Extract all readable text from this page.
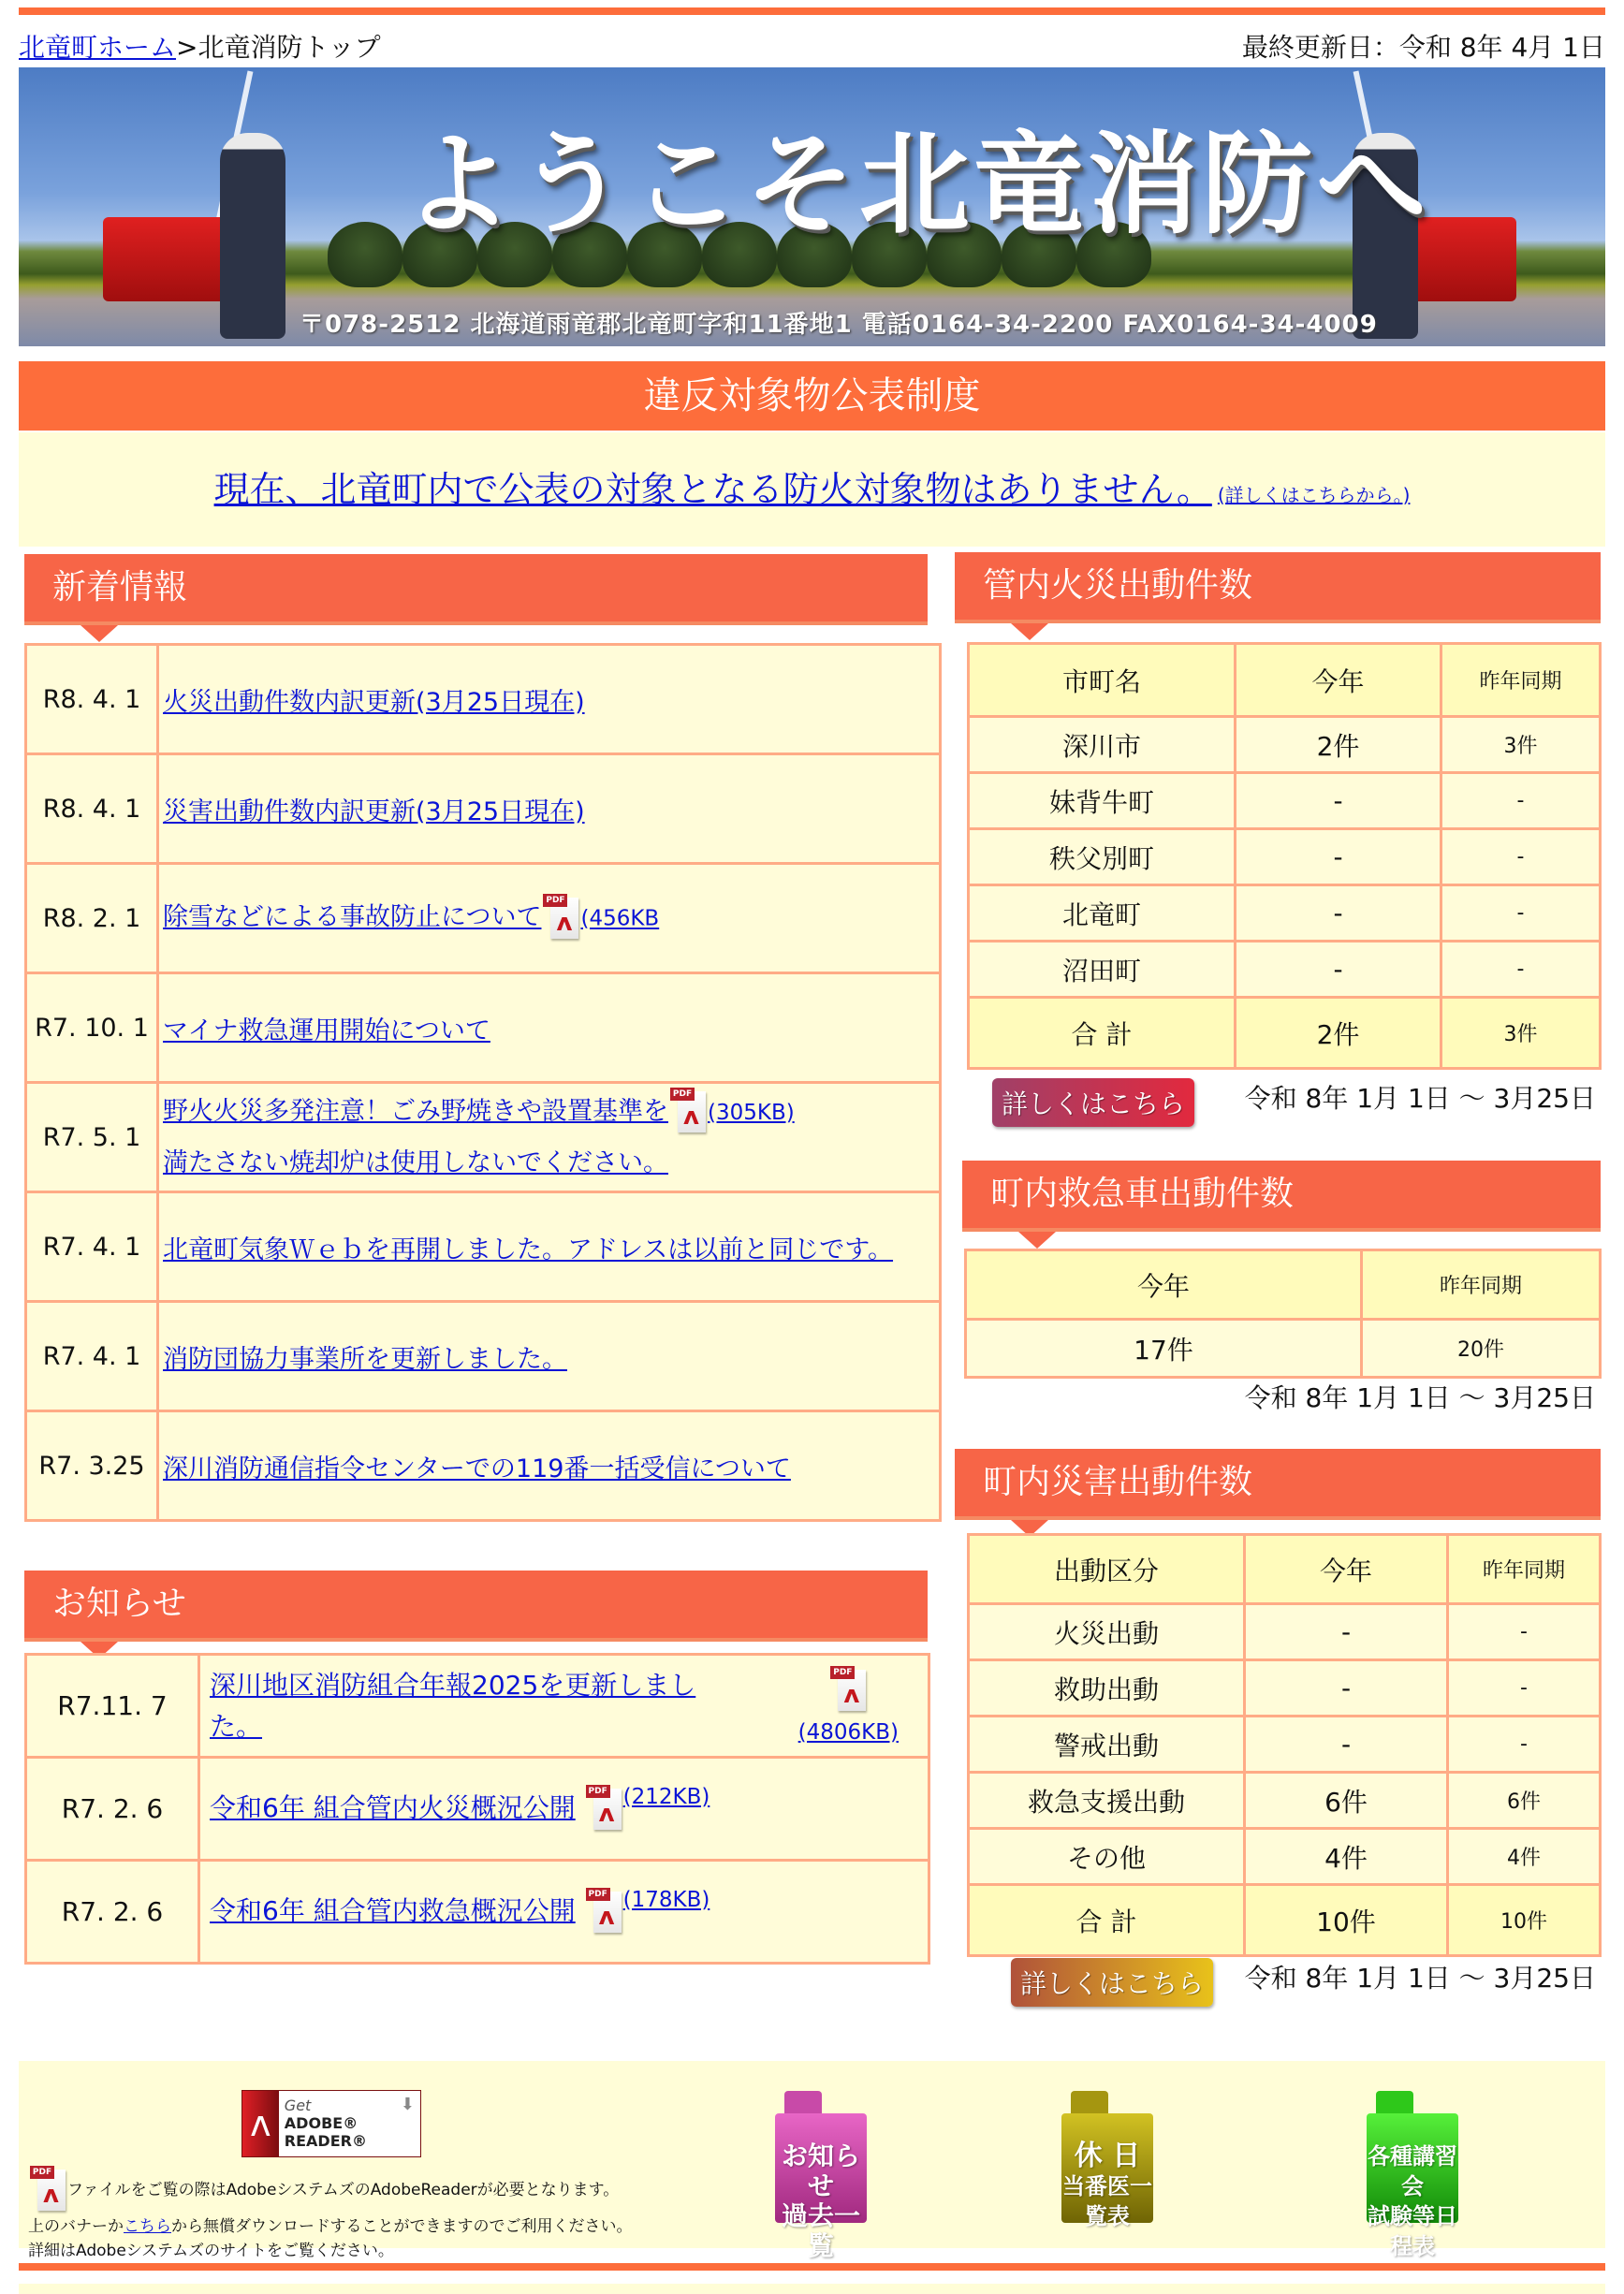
北竜町ホーム>北竜消防トップ	最終更新日：令和 8年 4月 1日
ようこそ北竜消防へ
〒078-2512 北海道雨竜郡北竜町字和11番地1 電話0164-34-2200 FAX0164-34-4009
違反対象物公表制度
現在、北竜町内で公表の対象となる防火対象物はありません。 (詳しくはこちらから。)
新着情報
R8. 4. 1	火災出動件数内訳更新(3月25日現在)
R8. 4. 1	災害出動件数内訳更新(3月25日現在)
R8. 2. 1	除雪などによる事故防止について
PDF
ᴧ (456KB
R7. 10. 1	マイナ救急運用開始について
R7. 5. 1	野火火災多発注意！ごみ野焼きや設置基準を
PDF
ᴧ (305KB)
満たさない焼却炉は使用しないでください。
R7. 4. 1	北竜町気象Ｗｅｂを再開しました。アドレスは以前と同じです。
R7. 4. 1	消防団協力事業所を更新しました。
R7. 3.25	深川消防通信指令センターでの119番一括受信について
お知らせ
R7.11. 7	深川地区消防組合年報2025を更新しました。
PDF
ᴧ

(4806KB)

R7. 2. 6	令和6年 組合管内火災概況公開
PDF
ᴧ
$^{(212KB)}$
R7. 2. 6	令和6年 組合管内救急概況公開
PDF
ᴧ
$^{(178KB)}$
管内火災出動件数
市町名	今年	昨年同期
深川市	2件	3件
妹背牛町	-	-
秩父別町	-	-
北竜町	-	-
沼田町	-	-
合 計	2件	3件
詳しくはこちら	令和 8年 1月 1日 ～ 3月25日
町内救急車出動件数
今年	昨年同期
17件	20件
令和 8年 1月 1日 ～ 3月25日
町内災害出動件数
出動区分	今年	昨年同期
火災出動	-	-
救助出動	-	-
警戒出動	-	-
救急支援出動	6件	6件
その他	4件	4件
合 計	10件	10件
詳しくはこちら	令和 8年 1月 1日 ～ 3月25日
ᴧ Get
ADOBE® READER®
⬇
PDF
ᴧ ファイルをご覧の際はAdobeシステムズのAdobeReaderが必要となります。
上のバナーかこちらから無償ダウンロードすることができますのでご利用ください。
詳細はAdobeシステムズのサイトをご覧ください。
お知らせ
過去一覧
休 日
当番医一覧表
各種講習会
試験等日程表
